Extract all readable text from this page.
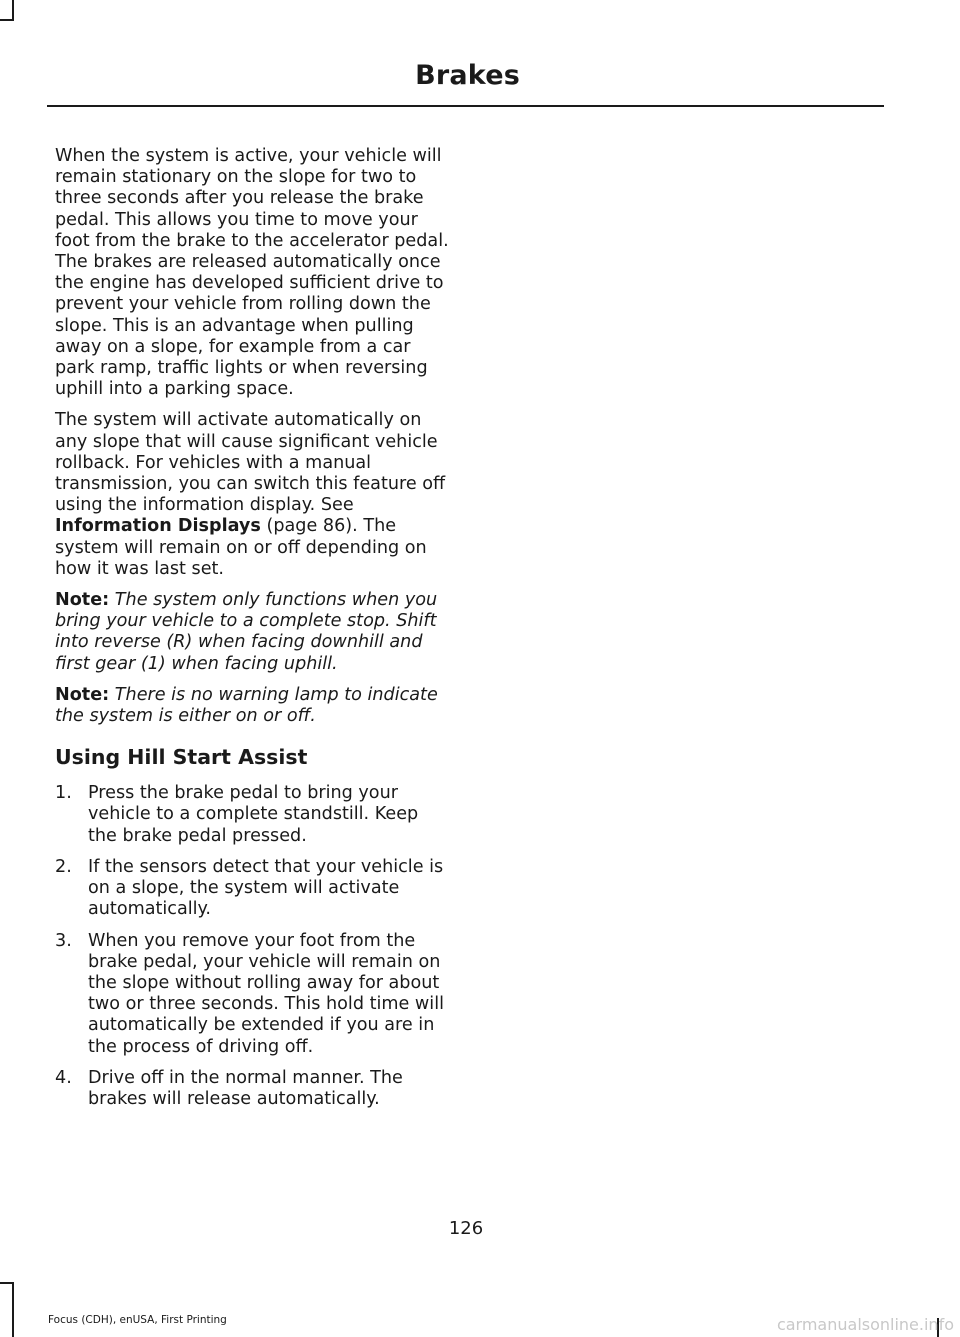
Brakes

When the system is active, your vehicle will remain stationary on the slope for two to three seconds after you release the brake pedal. This allows you time to move your foot from the brake to the accelerator pedal. The brakes are released automatically once the engine has developed sufficient drive to prevent your vehicle from rolling down the slope. This is an advantage when pulling away on a slope, for example from a car park ramp, traffic lights or when reversing uphill into a parking space.

The system will activate automatically on any slope that will cause significant vehicle rollback. For vehicles with a manual transmission, you can switch this feature off using the information display. See Information Displays (page 86). The system will remain on or off depending on how it was last set.

Note: The system only functions when you bring your vehicle to a complete stop. Shift into reverse (R) when facing downhill and first gear (1) when facing uphill.

Note: There is no warning lamp to indicate the system is either on or off.

Using Hill Start Assist
1. Press the brake pedal to bring your vehicle to a complete standstill. Keep the brake pedal pressed.
2. If the sensors detect that your vehicle is on a slope, the system will activate automatically.
3. When you remove your foot from the brake pedal, your vehicle will remain on the slope without rolling away for about two or three seconds. This hold time will automatically be extended if you are in the process of driving off.
4. Drive off in the normal manner. The brakes will release automatically.
126
Focus (CDH), enUSA, First Printing	carmanualsonline.info
